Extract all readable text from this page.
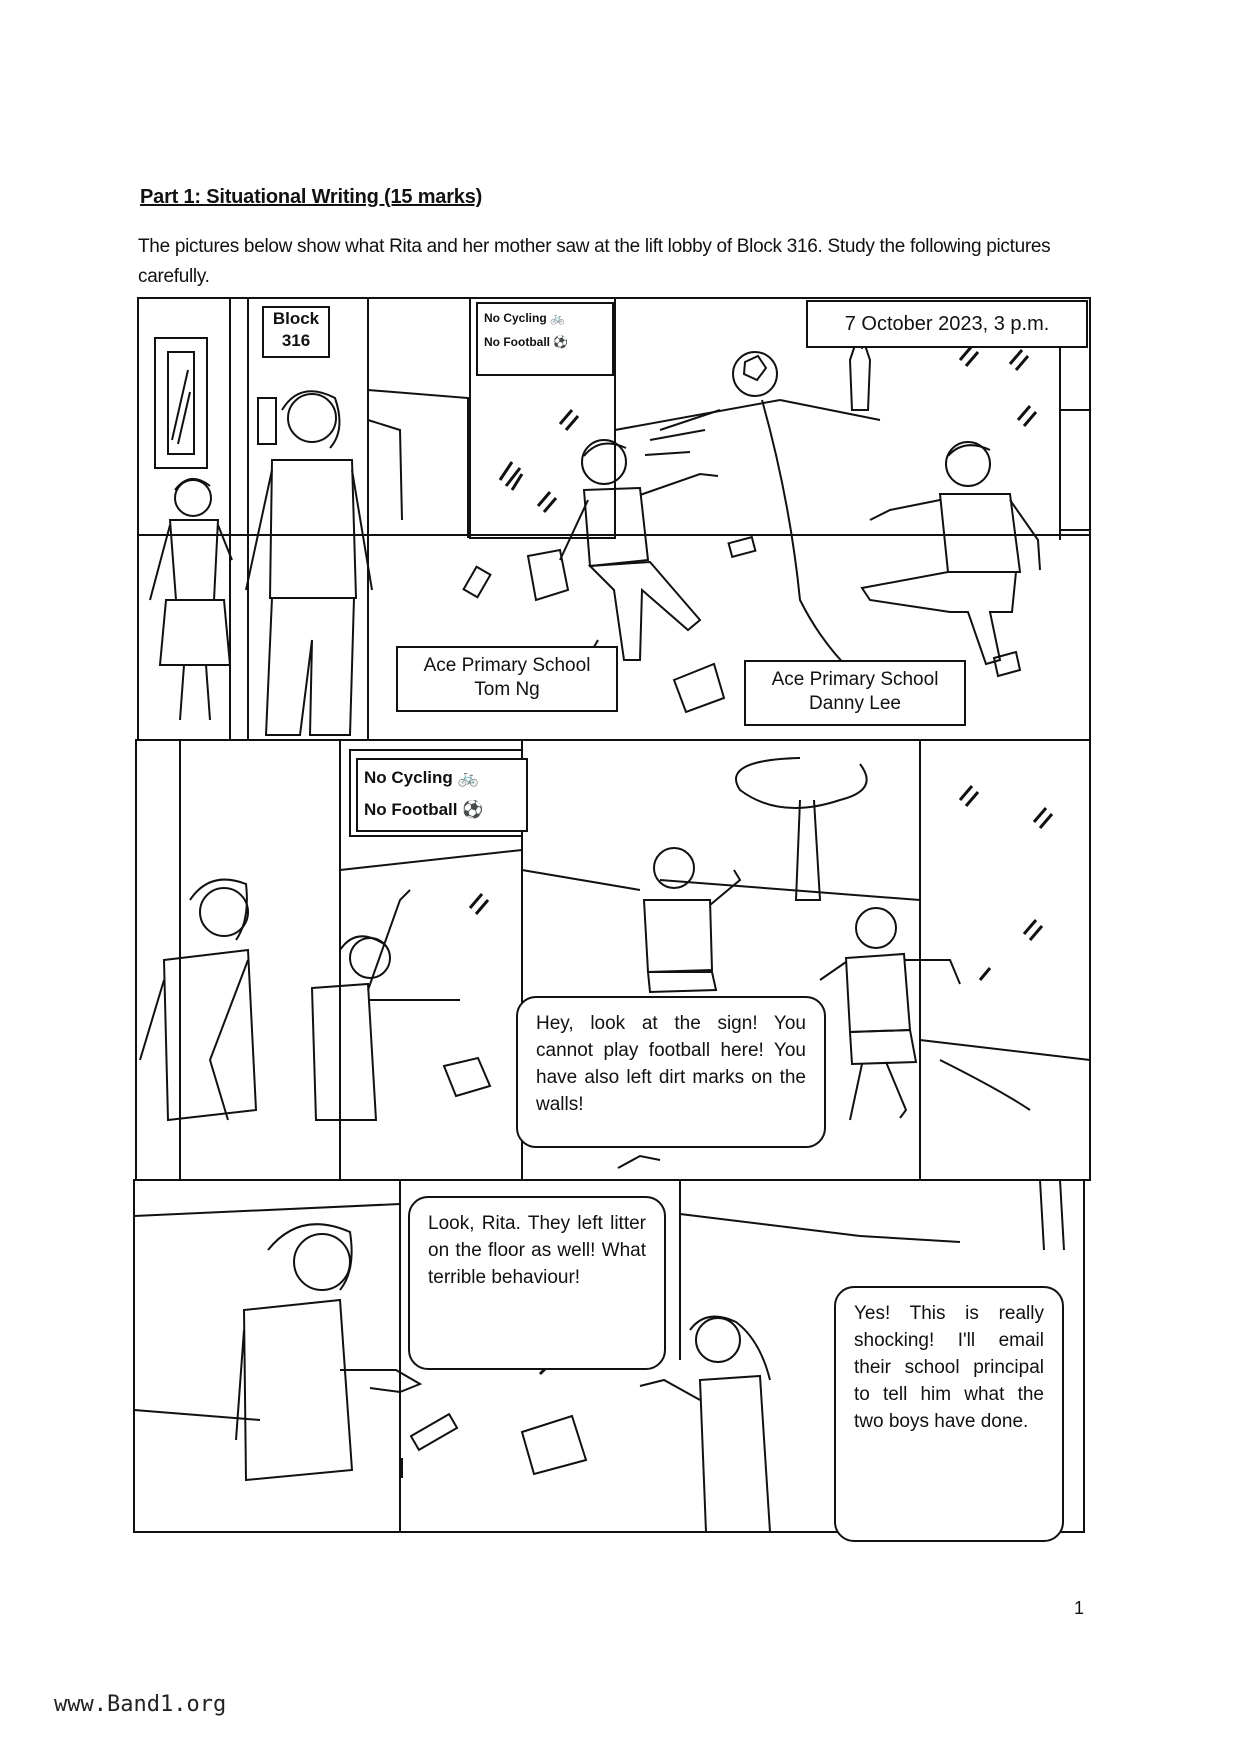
Part 1: Situational Writing (15 marks)
The pictures below show what Rita and her mother saw at the lift lobby of Block 316. Study the following pictures carefully.
Block
316
No Cycling 🚲
No Football ⚽
7 October 2023, 3 p.m.
Ace Primary School
Tom Ng	Ace Primary School
Danny Lee
No Cycling 🚲
No Football ⚽
Hey, look at the sign! You cannot play football here! You have also left dirt marks on the walls!
Look, Rita. They left litter on the floor as well! What terrible behaviour!
Yes! This is really shocking! I'll email their school principal to tell him what the two boys have done.
1
www.Band1.org
